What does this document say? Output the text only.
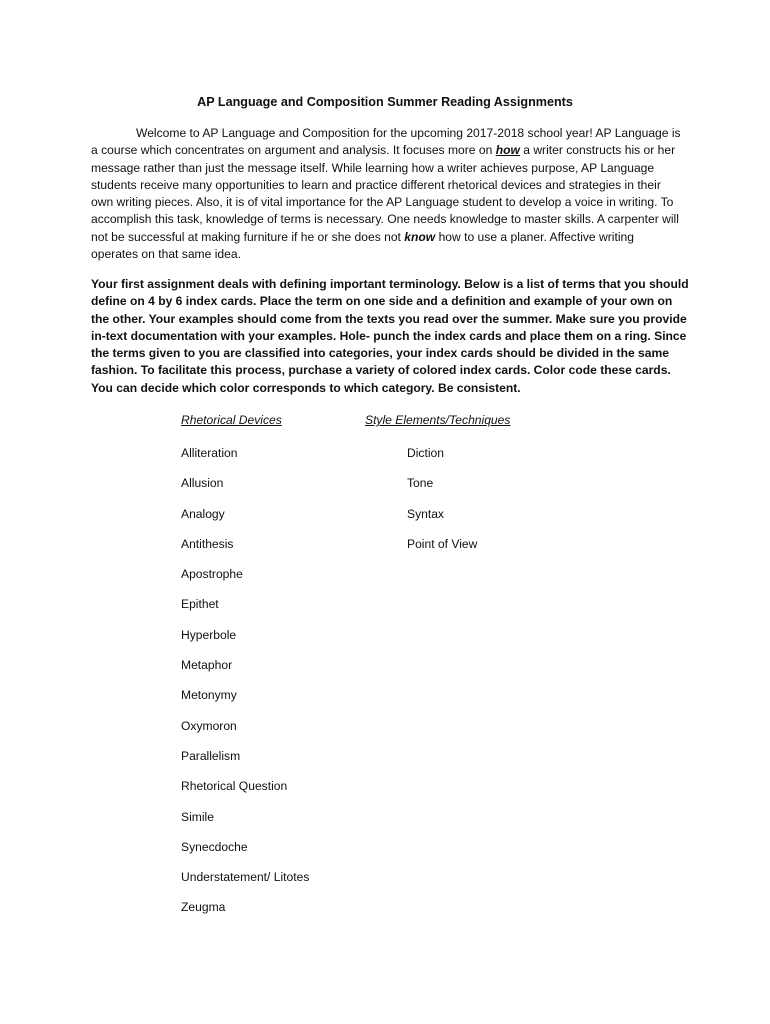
AP Language and Composition Summer Reading Assignments

Welcome to AP Language and Composition for the upcoming 2017-2018 school year! AP Language is a course which concentrates on argument and analysis. It focuses more on how a writer constructs his or her message rather than just the message itself. While learning how a writer achieves purpose, AP Language students receive many opportunities to learn and practice different rhetorical devices and strategies in their own writing pieces. Also, it is of vital importance for the AP Language student to develop a voice in writing. To accomplish this task, knowledge of terms is necessary. One needs knowledge to master skills. A carpenter will not be successful at making furniture if he or she does not know how to use a planer. Affective writing operates on that same idea.

Your first assignment deals with defining important terminology. Below is a list of terms that you should define on 4 by 6 index cards. Place the term on one side and a definition and example of your own on the other. Your examples should come from the texts you read over the summer. Make sure you provide in-text documentation with your examples. Hole- punch the index cards and place them on a ring. Since the terms given to you are classified into categories, your index cards should be divided in the same fashion. To facilitate this process, purchase a variety of colored index cards. Color code these cards. You can decide which color corresponds to which category. Be consistent.
Rhetorical Devices	Style Elements/Techniques
Alliteration
Allusion
Analogy
Antithesis
Apostrophe
Epithet
Hyperbole
Metaphor
Metonymy
Oxymoron
Parallelism
Rhetorical Question
Simile
Synecdoche
Understatement/ Litotes
Zeugma
Diction
Tone
Syntax
Point of View
